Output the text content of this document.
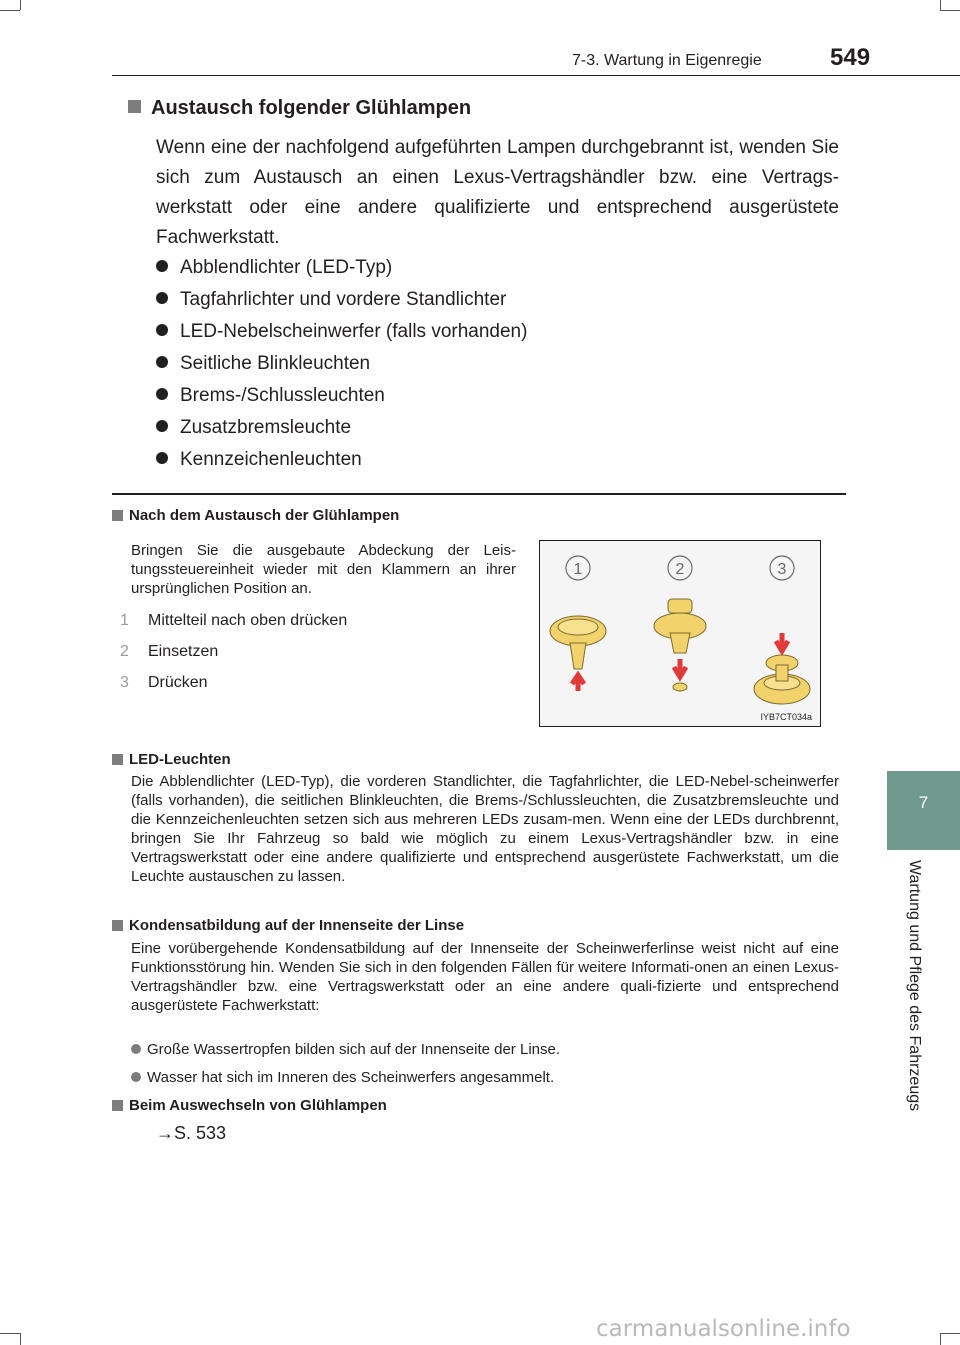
7-3. Wartung in Eigenregie	549
7
Wartung und Pflege des Fahrzeugs
Austausch folgender Glühlampen
Wenn eine der nachfolgend aufgeführten Lampen durchgebrannt ist, wenden Sie sich zum Austausch an einen Lexus-Vertragshändler bzw. eine Vertrags-werkstatt oder eine andere qualifizierte und entsprechend ausgerüstete Fachwerkstatt.
Abblendlichter (LED-Typ)
Tagfahrlichter und vordere Standlichter
LED-Nebelscheinwerfer (falls vorhanden)
Seitliche Blinkleuchten
Brems-/Schlussleuchten
Zusatzbremsleuchte
Kennzeichenleuchten
Nach dem Austausch der Glühlampen
Bringen Sie die ausgebaute Abdeckung der Leis-tungssteuereinheit wieder mit den Klammern an ihrer ursprünglichen Position an.
1 Mittelteil nach oben drücken
2 Einsetzen
3 Drücken
1	2	3
IYB7CT034a
LED-Leuchten
Die Abblendlichter (LED-Typ), die vorderen Standlichter, die Tagfahrlichter, die LED-Nebel-scheinwerfer (falls vorhanden), die seitlichen Blinkleuchten, die Brems-/Schlussleuchten, die Zusatzbremsleuchte und die Kennzeichenleuchten setzen sich aus mehreren LEDs zusam-men. Wenn eine der LEDs durchbrennt, bringen Sie Ihr Fahrzeug so bald wie möglich zu einem Lexus-Vertragshändler bzw. in eine Vertragswerkstatt oder eine andere qualifizierte und entsprechend ausgerüstete Fachwerkstatt, um die Leuchte austauschen zu lassen.
Kondensatbildung auf der Innenseite der Linse
Eine vorübergehende Kondensatbildung auf der Innenseite der Scheinwerferlinse weist nicht auf eine Funktionsstörung hin. Wenden Sie sich in den folgenden Fällen für weitere Informati-onen an einen Lexus-Vertragshändler bzw. eine Vertragswerkstatt oder an eine andere quali-fizierte und entsprechend ausgerüstete Fachwerkstatt:
Große Wassertropfen bilden sich auf der Innenseite der Linse.
Wasser hat sich im Inneren des Scheinwerfers angesammelt.
Beim Auswechseln von Glühlampen
→S. 533
carmanualsonline.info
